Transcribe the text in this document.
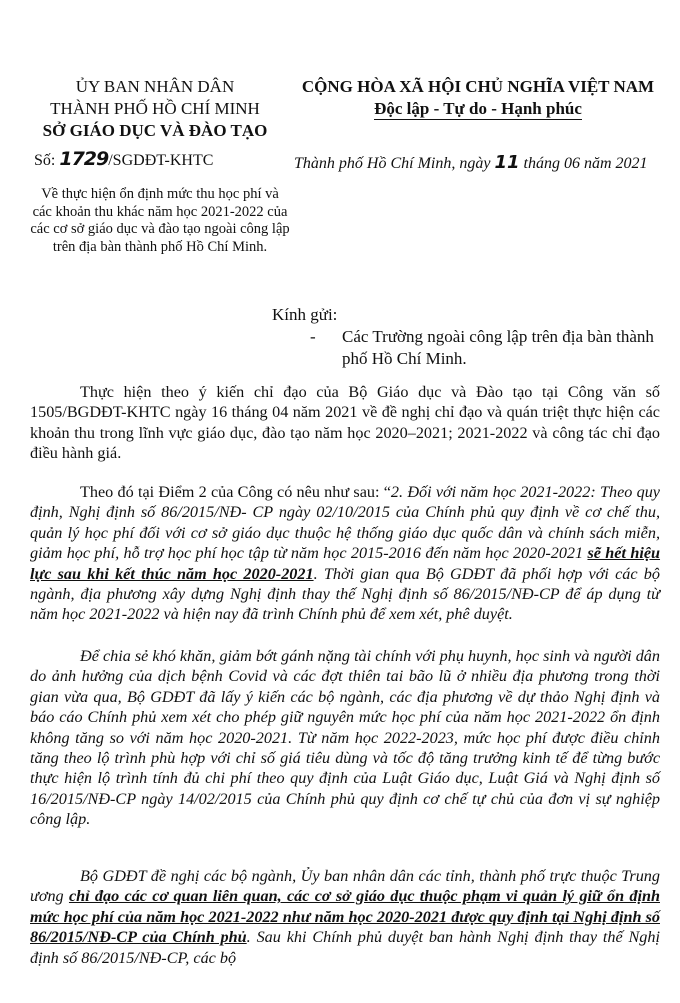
ỦY BAN NHÂN DÂN
THÀNH PHỐ HỒ CHÍ MINH
SỞ GIÁO DỤC VÀ ĐÀO TẠO
CỘNG HÒA XÃ HỘI CHỦ NGHĨA VIỆT NAM
Độc lập - Tự do - Hạnh phúc
Số: 1729/SGDĐT-KHTC	Thành phố Hồ Chí Minh, ngày 11 tháng 06 năm 2021
Về thực hiện ổn định mức thu học phí và các khoản thu khác năm học 2021-2022 của các cơ sở giáo dục và đào tạo ngoài công lập trên địa bàn thành phố Hồ Chí Minh.
Kính gửi:
-	Các Trường ngoài công lập trên địa bàn thành phố Hồ Chí Minh.

Thực hiện theo ý kiến chỉ đạo của Bộ Giáo dục và Đào tạo tại Công văn số 1505/BGDĐT-KHTC ngày 16 tháng 04 năm 2021 về đề nghị chỉ đạo và quán triệt thực hiện các khoản thu trong lĩnh vực giáo dục, đào tạo năm học 2020–2021; 2021-2022 và công tác chỉ đạo điều hành giá.

Theo đó tại Điểm 2 của Công có nêu như sau: “2. Đối với năm học 2021-2022: Theo quy định, Nghị định số 86/2015/NĐ- CP ngày 02/10/2015 của Chính phủ quy định về cơ chế thu, quản lý học phí đối với cơ sở giáo dục thuộc hệ thống giáo dục quốc dân và chính sách miễn, giảm học phí, hỗ trợ học phí học tập từ năm học 2015-2016 đến năm học 2020-2021 sẽ hết hiệu lực sau khi kết thúc năm học 2020-2021. Thời gian qua Bộ GDĐT đã phối hợp với các bộ ngành, địa phương xây dựng Nghị định thay thế Nghị định số 86/2015/NĐ-CP để áp dụng từ năm học 2021-2022 và hiện nay đã trình Chính phủ để xem xét, phê duyệt.

Để chia sẻ khó khăn, giảm bớt gánh nặng tài chính với phụ huynh, học sinh và người dân do ảnh hưởng của dịch bệnh Covid và các đợt thiên tai bão lũ ở nhiều địa phương trong thời gian vừa qua, Bộ GDĐT đã lấy ý kiến các bộ ngành, các địa phương về dự thảo Nghị định và báo cáo Chính phủ xem xét cho phép giữ nguyên mức học phí của năm học 2021-2022 ổn định không tăng so với năm học 2020-2021. Từ năm học 2022-2023, mức học phí được điều chỉnh tăng theo lộ trình phù hợp với chỉ số giá tiêu dùng và tốc độ tăng trưởng kinh tế để từng bước thực hiện lộ trình tính đủ chi phí theo quy định của Luật Giáo dục, Luật Giá và Nghị định số 16/2015/NĐ-CP ngày 14/02/2015 của Chính phủ quy định cơ chế tự chủ của đơn vị sự nghiệp công lập.

Bộ GDĐT đề nghị các bộ ngành, Ủy ban nhân dân các tỉnh, thành phố trực thuộc Trung ương chỉ đạo các cơ quan liên quan, các cơ sở giáo dục thuộc phạm vi quản lý giữ ổn định mức học phí của năm học 2021-2022 như năm học 2020-2021 được quy định tại Nghị định số 86/2015/NĐ-CP của Chính phủ. Sau khi Chính phủ duyệt ban hành Nghị định thay thế Nghị định số 86/2015/NĐ-CP, các bộ
